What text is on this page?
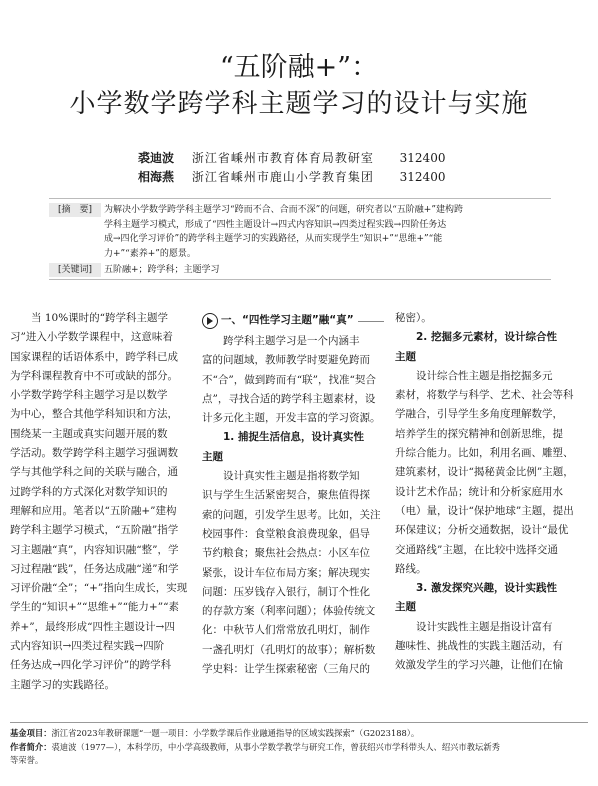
“五阶融+”：
小学数学跨学科主题学习的设计与实施
裘迪波 浙江省嵊州市教育体育局教研室 312400
相海燕 浙江省嵊州市鹿山小学教育集团 312400
[摘　要]	为解决小学数学跨学科主题学习“跨而不合、合而不深”的问题，研究者以“五阶融+”建构跨
学科主题学习模式，形成了“四性主题设计→四式内容知识→四类过程实践→四阶任务达
成→四化学习评价”的跨学科主题学习的实践路径，从而实现学生“知识+”“思维+”“能
力+”“素养+”的愿景。
[关键词]	五阶融+；跨学科；主题学习
当 10%课时的“跨学科主题学
习”进入小学数学课程中，这意味着
国家课程的话语体系中，跨学科已成
为学科课程教育中不可或缺的部分。
小学数学跨学科主题学习是以数学
为中心，整合其他学科知识和方法，
围绕某一主题或真实问题开展的数
学活动。数学跨学科主题学习强调数
学与其他学科之间的关联与融合，通
过跨学科的方式深化对数学知识的
理解和应用。笔者以“五阶融+”建构
跨学科主题学习模式，“五阶融”指学
习主题融“真”，内容知识融“整”，学
习过程融“践”，任务达成融“递”和学
习评价融“全”；“+”指向生成长，实现
学生的“知识+”“思维+”“能力+”“素
养+”，最终形成“四性主题设计→四
式内容知识→四类过程实践→四阶
任务达成→四化学习评价”的跨学科
主题学习的实践路径。
一、“四性学习主题”融“真”
跨学科主题学习是一个内涵丰
富的问题域，教师教学时要避免跨而
不“合”，做到跨而有“联”，找准“契合
点”，寻找合适的跨学科主题素材，设
计多元化主题，开发丰富的学习资源。
1. 捕捉生活信息，设计真实性
主题
设计真实性主题是指将数学知
识与学生生活紧密契合，聚焦值得探
索的问题，引发学生思考。比如，关注
校园事件：食堂粮食浪费现象，倡导
节约粮食；聚焦社会热点：小区车位
紧张，设计车位布局方案；解决现实
问题：压岁钱存入银行，制订个性化
的存款方案（利率问题）；体验传统文
化：中秋节人们常常放孔明灯，制作
一盏孔明灯（孔明灯的故事）；解析数
学史料：让学生探索秘密（三角尺的
秘密）。
2. 挖掘多元素材，设计综合性
主题
设计综合性主题是指挖掘多元
素材，将数学与科学、艺术、社会等科
学融合，引导学生多角度理解数学，
培养学生的探究精神和创新思维，提
升综合能力。比如，利用名画、雕塑、
建筑素材，设计“揭秘黄金比例”主题，
设计艺术作品；统计和分析家庭用水
（电）量，设计“保护地球”主题，提出
环保建议；分析交通数据，设计“最优
交通路线”主题，在比较中选择交通
路线。
3. 激发探究兴趣，设计实践性
主题
设计实践性主题是指设计富有
趣味性、挑战性的实践主题活动，有
效激发学生的学习兴趣，让他们在愉
基金项目：浙江省2023年教研课题“一题一项目：小学数学课后作业融通指导的区域实践探索”（G2023188）。
作者简介：裘迪波（1977—），本科学历，中小学高级教师，从事小学数学教学与研究工作，曾获绍兴市学科带头人、绍兴市教坛新秀
等荣誉。
